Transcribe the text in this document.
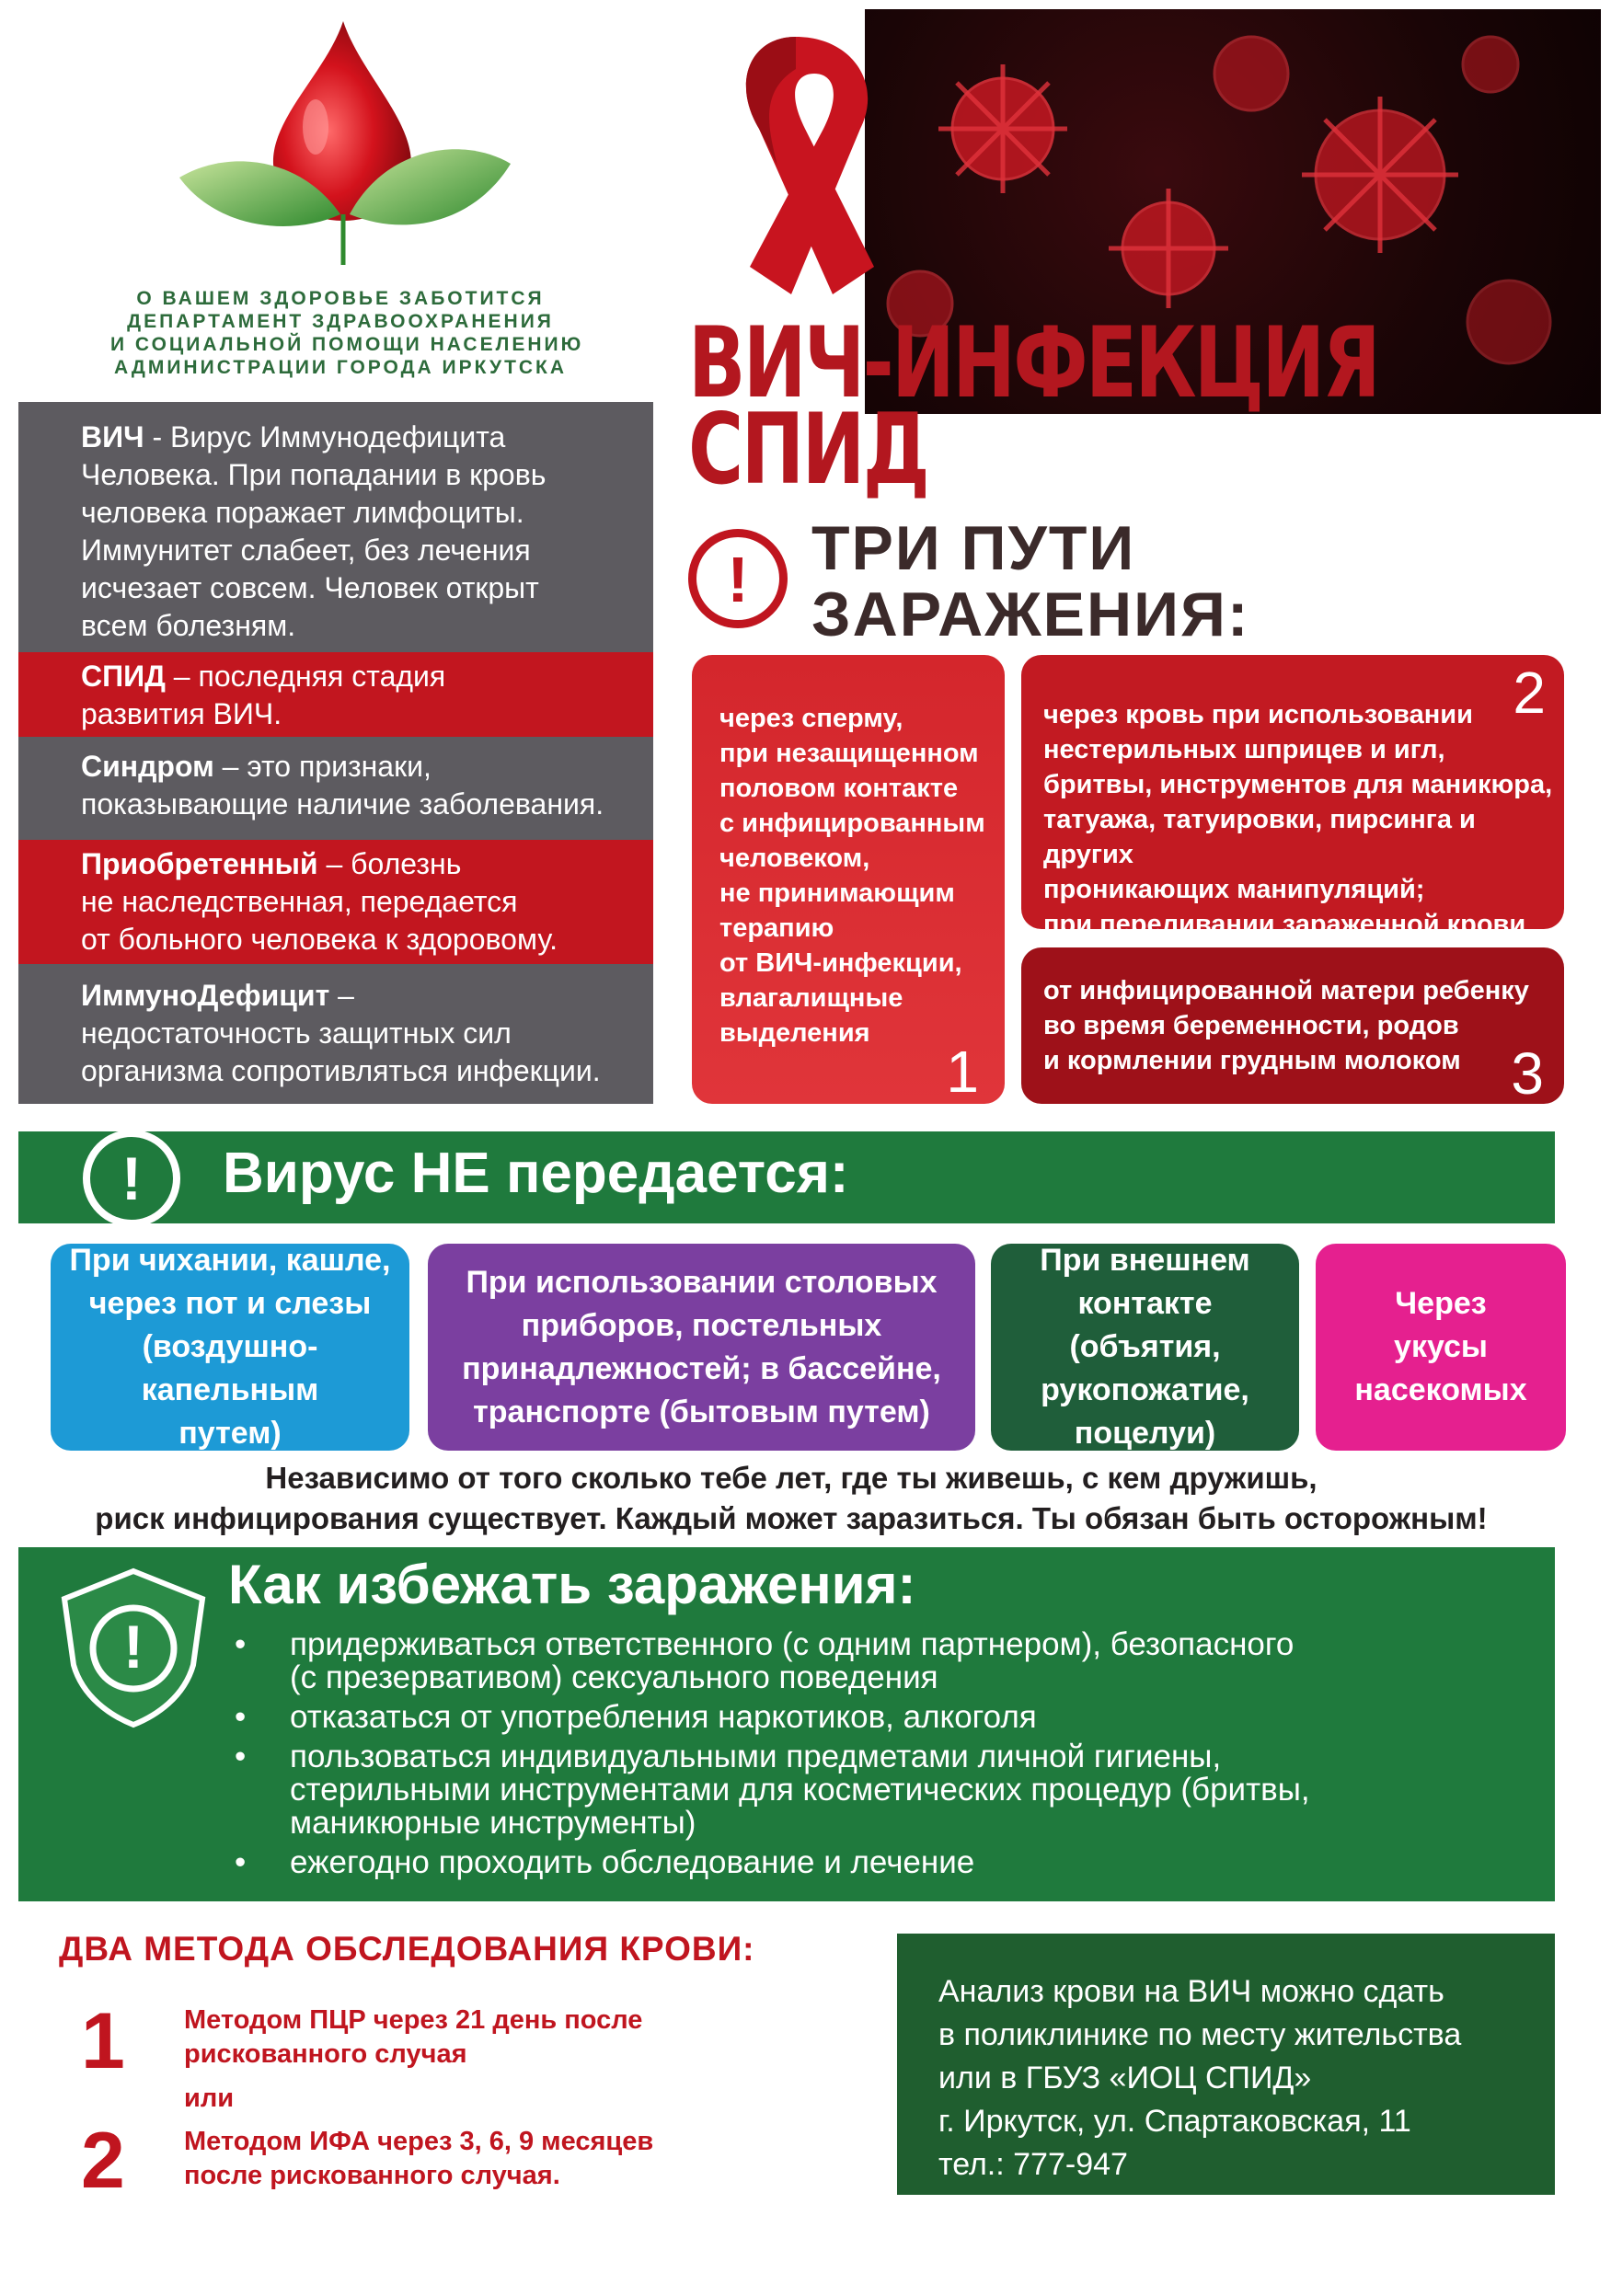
О ВАШЕМ ЗДОРОВЬЕ ЗАБОТИТСЯ
ДЕПАРТАМЕНТ ЗДРАВООХРАНЕНИЯ
И СОЦИАЛЬНОЙ ПОМОЩИ НАСЕЛЕНИЮ
АДМИНИСТРАЦИИ ГОРОДА ИРКУТСКА ВИЧ-ИНФЕКЦИЯ
СПИД
!	ТРИ ПУТИ
ЗАРАЖЕНИЯ:
ВИЧ - Вирус Иммунодефицита
Человека. При попадании в кровь
человека поражает лимфоциты.
Иммунитет слабеет, без лечения
исчезает совсем. Человек открыт
всем болезням.
СПИД – последняя стадия
развития ВИЧ.
Синдром – это признаки,
показывающие наличие заболевания.
Приобретенный – болезнь
не наследственная, передается
от больного человека к здоровому.
ИммуноДефицит –
недостаточность защитных сил
организма сопротивляться инфекции.
через сперму,
при незащищенном
половом контакте
с инфицированным
человеком,
не принимающим
терапию
от ВИЧ-инфекции,
влагалищные
выделения
1
через кровь при использовании
нестерильных шприцев и игл,
бритвы, инструментов для маникюра,
татуажа, татуировки, пирсинга и других
проникающих манипуляций;
при переливании зараженной крови
2
от инфицированной матери ребенку
во время беременности, родов
и кормлении грудным молоком 3
!	Вирус НЕ передается:
При чихании, кашле,
через пот и слезы
(воздушно-капельным
путем)
При использовании столовых
приборов, постельных
принадлежностей; в бассейне,
транспорте (бытовым путем)
При внешнем
контакте (объятия,
рукопожатие,
поцелуи)
Через
укусы
насекомых
Независимо от того сколько тебе лет, где ты живешь, с кем дружишь,
риск инфицирования существует. Каждый может заразиться. Ты обязан быть осторожным!
!
Как избежать заражения:
• придерживаться ответственного (с одним партнером), безопасного
(с презервативом) сексуального поведения
• отказаться от употребления наркотиков, алкоголя
• пользоваться индивидуальными предметами личной гигиены,
стерильными инструментами для косметических процедур (бритвы,
маникюрные инструменты)
• ежегодно проходить обследование и лечение
ДВА МЕТОДА ОБСЛЕДОВАНИЯ КРОВИ:
1 Методом ПЦР через 21 день после
рискованного случая
или
2 Методом ИФА через 3, 6, 9 месяцев
после рискованного случая.
Анализ крови на ВИЧ можно сдать
в поликлинике по месту жительства
или в ГБУЗ «ИОЦ СПИД»
г. Иркутск, ул. Спартаковская, 11
тел.: 777-947
